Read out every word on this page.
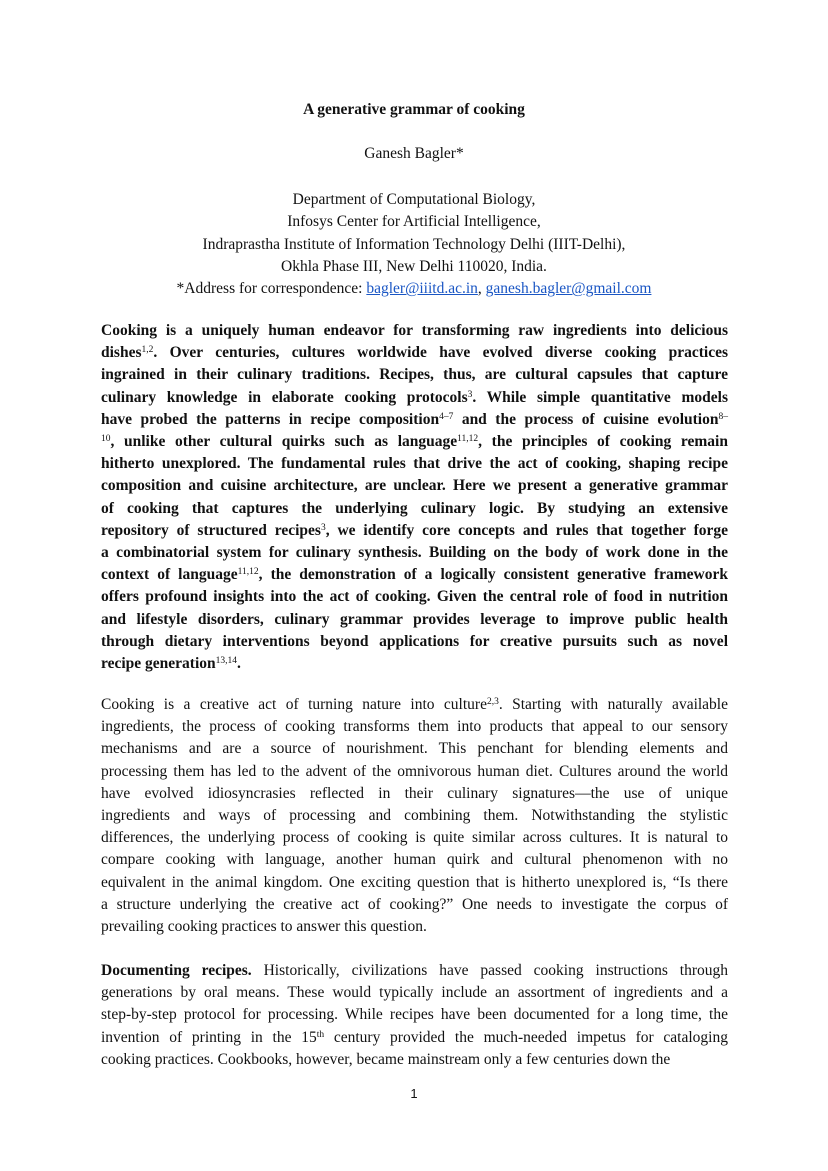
A generative grammar of cooking
Ganesh Bagler*
Department of Computational Biology,
Infosys Center for Artificial Intelligence,
Indraprastha Institute of Information Technology Delhi (IIIT-Delhi),
Okhla Phase III, New Delhi 110020, India.
*Address for correspondence: bagler@iiitd.ac.in, ganesh.bagler@gmail.com
Cooking is a uniquely human endeavor for transforming raw ingredients into delicious
dishes$^{1,2}$. Over centuries, cultures worldwide have evolved diverse cooking practices
ingrained in their culinary traditions. Recipes, thus, are cultural capsules that capture
culinary knowledge in elaborate cooking protocols$^3$. While simple quantitative models
have probed the patterns in recipe composition$^{4-7}$ and the process of cuisine evolution$^{8-}$
$^{10}$, unlike other cultural quirks such as language$^{11,12}$, the principles of cooking remain
hitherto unexplored. The fundamental rules that drive the act of cooking, shaping recipe
composition and cuisine architecture, are unclear. Here we present a generative grammar
of cooking that captures the underlying culinary logic. By studying an extensive
repository of structured recipes$^3$, we identify core concepts and rules that together forge
a combinatorial system for culinary synthesis. Building on the body of work done in the
context of language$^{11,12}$, the demonstration of a logically consistent generative framework
offers profound insights into the act of cooking. Given the central role of food in nutrition
and lifestyle disorders, culinary grammar provides leverage to improve public health
through dietary interventions beyond applications for creative pursuits such as novel
recipe generation$^{13,14}$.
Cooking is a creative act of turning nature into culture$^{2,3}$. Starting with naturally available
ingredients, the process of cooking transforms them into products that appeal to our sensory
mechanisms and are a source of nourishment. This penchant for blending elements and
processing them has led to the advent of the omnivorous human diet. Cultures around the world
have evolved idiosyncrasies reflected in their culinary signatures—the use of unique
ingredients and ways of processing and combining them. Notwithstanding the stylistic
differences, the underlying process of cooking is quite similar across cultures. It is natural to
compare cooking with language, another human quirk and cultural phenomenon with no
equivalent in the animal kingdom. One exciting question that is hitherto unexplored is, “Is there
a structure underlying the creative act of cooking?” One needs to investigate the corpus of
prevailing cooking practices to answer this question.
Documenting recipes. Historically, civilizations have passed cooking instructions through
generations by oral means. These would typically include an assortment of ingredients and a
step-by-step protocol for processing. While recipes have been documented for a long time, the
invention of printing in the 15th century provided the much-needed impetus for cataloging
cooking practices. Cookbooks, however, became mainstream only a few centuries down the
1
